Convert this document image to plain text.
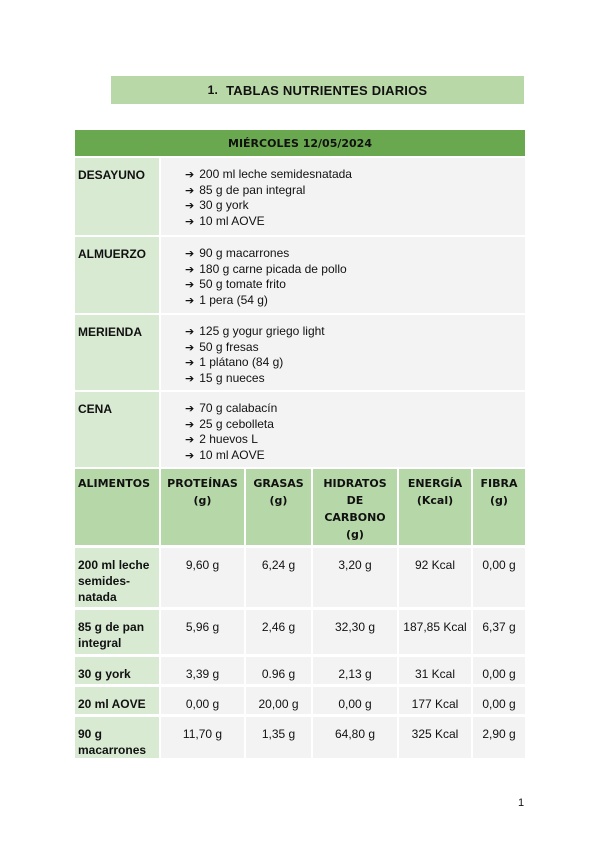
1. TABLAS NUTRIENTES DIARIOS
MIÉRCOLES 12/05/2024
DESAYUNO	➔ 200 ml leche semidesnatada
➔ 85 g de pan integral
➔ 30 g york
➔ 10 ml AOVE
ALMUERZO	➔ 90 g macarrones
➔ 180 g carne picada de pollo
➔ 50 g tomate frito
➔ 1 pera (54 g)
MERIENDA	➔ 125 g yogur griego light
➔ 50 g fresas
➔ 1 plátano (84 g)
➔ 15 g nueces
CENA	➔ 70 g calabacín
➔ 25 g cebolleta
➔ 2 huevos L
➔ 10 ml AOVE
ALIMENTOS	PROTEÍNAS (g)	GRASAS (g)	HIDRATOS DE CARBONO (g)	ENERGÍA (Kcal)	FIBRA (g)
200 ml leche semides-natada	9,60 g	6,24 g	3,20 g	92 Kcal	0,00 g
85 g de pan integral	5,96 g	2,46 g	32,30 g	187,85 Kcal	6,37 g
30 g york	3,39 g	0.96 g	2,13 g	31 Kcal	0,00 g
20 ml AOVE	0,00 g	20,00 g	0,00 g	177 Kcal	0,00 g
90 g macarrones	11,70 g	1,35 g	64,80 g	325 Kcal	2,90 g
1
